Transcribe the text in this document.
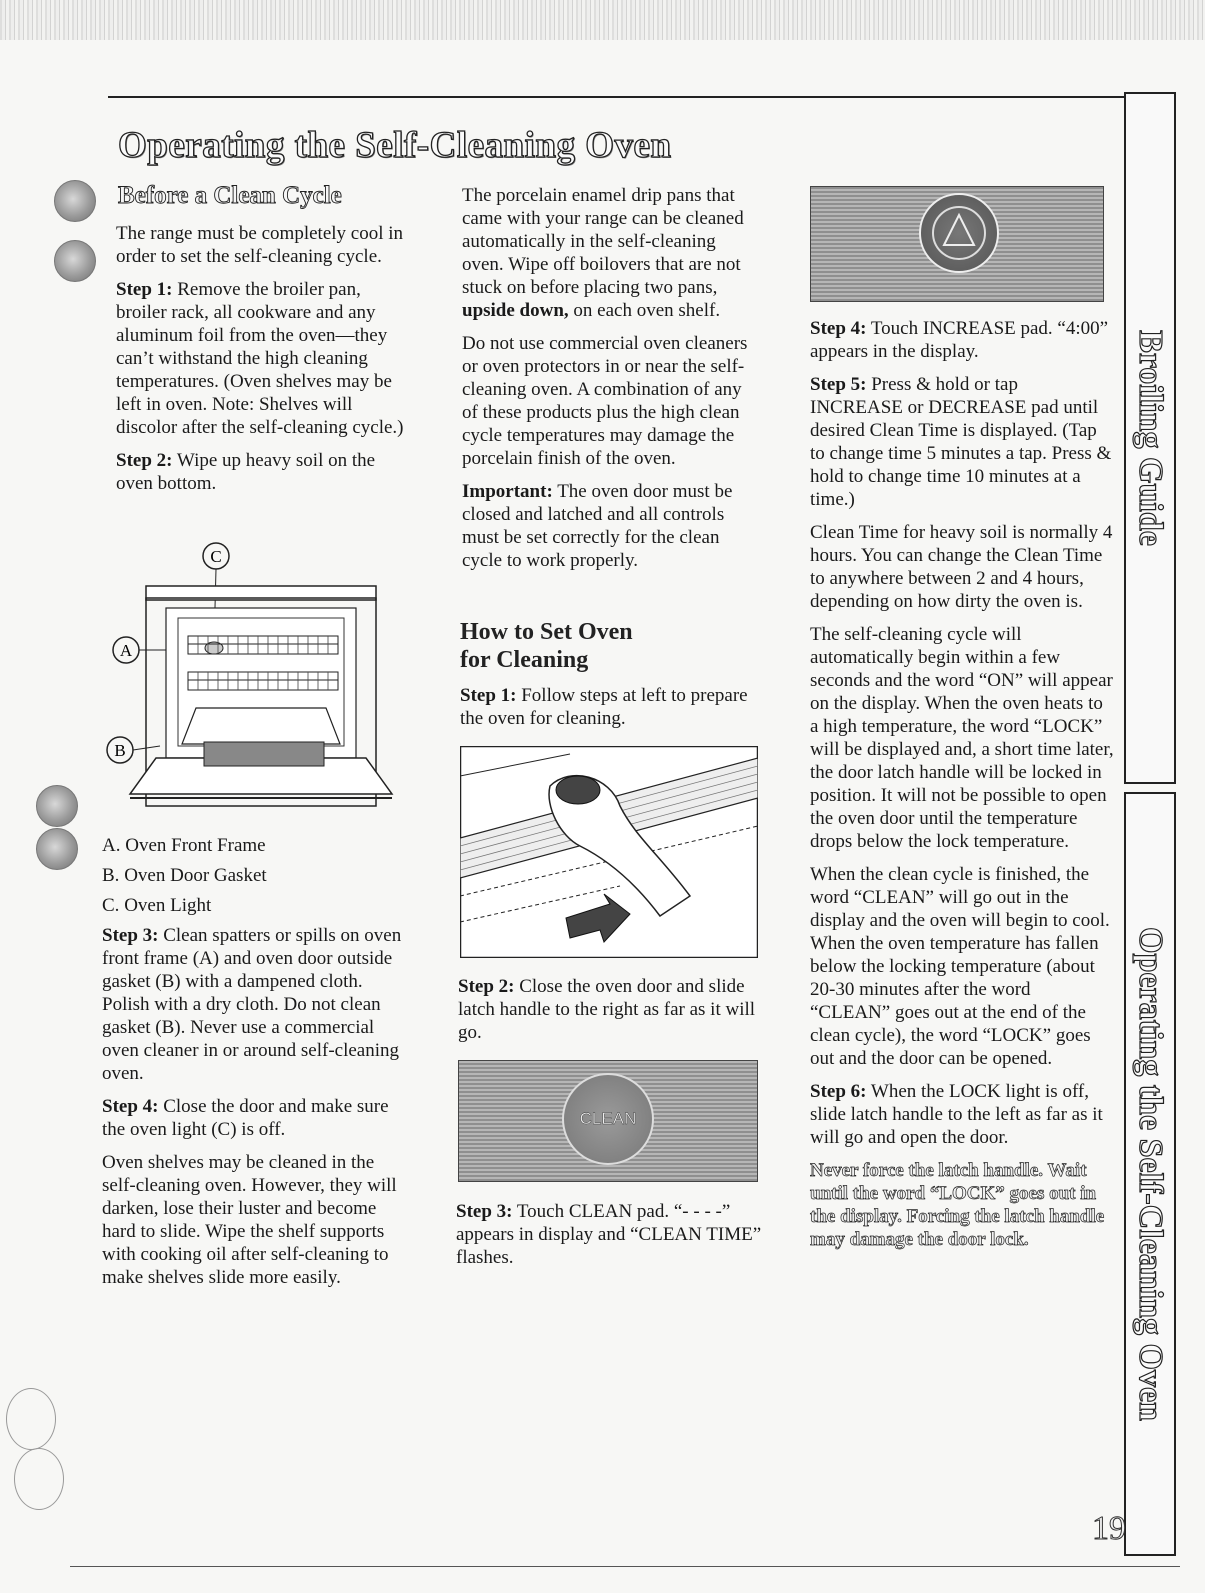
Operating the Self-Cleaning Oven
Before a Clean Cycle

The range must be completely cool in order to set the self-cleaning cycle.

Step 1: Remove the broiler pan, broiler rack, all cookware and any aluminum foil from the oven—they can’t withstand the high cleaning temperatures. (Oven shelves may be left in oven. Note: Shelves will discolor after the self-cleaning cycle.)

Step 2: Wipe up heavy soil on the oven bottom.

C
A
B

A. Oven Front Frame

B. Oven Door Gasket

C. Oven Light

Step 3: Clean spatters or spills on oven front frame (A) and oven door outside gasket (B) with a dampened cloth. Polish with a dry cloth. Do not clean gasket (B). Never use a commercial oven cleaner in or around self-cleaning oven.

Step 4: Close the door and make sure the oven light (C) is off.

Oven shelves may be cleaned in the self-cleaning oven. However, they will darken, lose their luster and become hard to slide. Wipe the shelf supports with cooking oil after self-cleaning to make shelves slide more easily.

The porcelain enamel drip pans that came with your range can be cleaned automatically in the self-cleaning oven. Wipe off boilovers that are not stuck on before placing two pans, upside down, on each oven shelf.

Do not use commercial oven cleaners or oven protectors in or near the self-cleaning oven. A combination of any of these products plus the high clean cycle temperatures may damage the porcelain finish of the oven.

Important: The oven door must be closed and latched and all controls must be set correctly for the clean cycle to work properly.

How to Set Oven
for Cleaning

Step 1: Follow steps at left to prepare the oven for cleaning.

Step 2: Close the oven door and slide latch handle to the right as far as it will go.

CLEAN

Step 3: Touch CLEAN pad. “- - - -” appears in display and “CLEAN TIME” flashes.

Step 4: Touch INCREASE pad. “4:00” appears in the display.

Step 5: Press & hold or tap INCREASE or DECREASE pad until desired Clean Time is displayed. (Tap to change time 5 minutes a tap. Press & hold to change time 10 minutes at a time.)

Clean Time for heavy soil is normally 4 hours. You can change the Clean Time to anywhere between 2 and 4 hours, depending on how dirty the oven is.

The self-cleaning cycle will automatically begin within a few seconds and the word “ON” will appear on the display. When the oven heats to a high temperature, the word “LOCK” will be displayed and, a short time later, the door latch handle will be locked in position. It will not be possible to open the oven door until the temperature drops below the lock temperature.

When the clean cycle is finished, the word “CLEAN” will go out in the display and the oven will begin to cool. When the oven temperature has fallen below the locking temperature (about 20-30 minutes after the word “CLEAN” goes out at the end of the clean cycle), the word “LOCK” goes out and the door can be opened.

Step 6: When the LOCK light is off, slide latch handle to the left as far as it will go and open the door.

Never force the latch handle. Wait until the word “LOCK” goes out in the display. Forcing the latch handle may damage the door lock.

Broiling Guide
Operating the Self-Cleaning Oven
19
